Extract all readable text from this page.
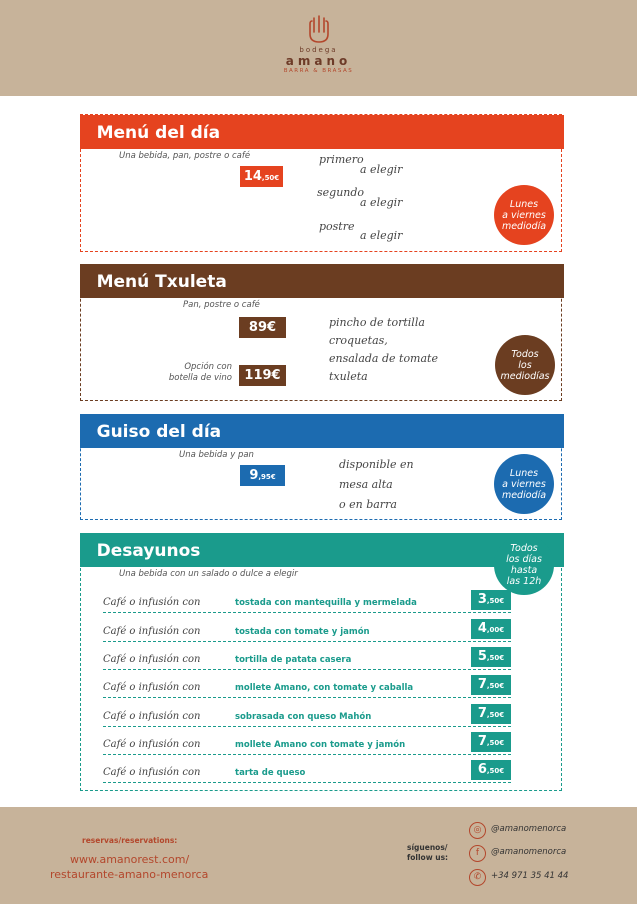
bodega
amano
BARRA & BRASAS
Menú del día
Una bebida, pan, postre o café
14,50€
primero
a elegir
segundo
a elegir
postre
a elegir
Lunes
a viernes
mediodía
Menú Txuleta
Pan, postre o café
89€
Opción con
botella de vino 119€
pincho de tortilla
croquetas,
ensalada de tomate
txuleta
Todos
los
mediodías
Guiso del día
Una bebida y pan
9,95€
disponible en
mesa alta
o en barra
Lunes
a viernes
mediodía
Desayunos
Una bebida con un salado o dulce a elegir
Todos
los días
hasta
las 12h
Café o infusión con	tostada con mantequilla y mermelada	3,50€
Café o infusión con	tostada con tomate y jamón	4,00€
Café o infusión con	tortilla de patata casera	5,50€
Café o infusión con	mollete Amano, con tomate y caballa	7,50€
Café o infusión con	sobrasada con queso Mahón	7,50€
Café o infusión con	mollete Amano con tomate y jamón	7,50€
Café o infusión con	tarta de queso	6,50€
reservas/reservations:
www.amanorest.com/
restaurante-amano-menorca
síguenos/
follow us:
◎	@amanomenorca
f	@amanomenorca
✆	+34 971 35 41 44
